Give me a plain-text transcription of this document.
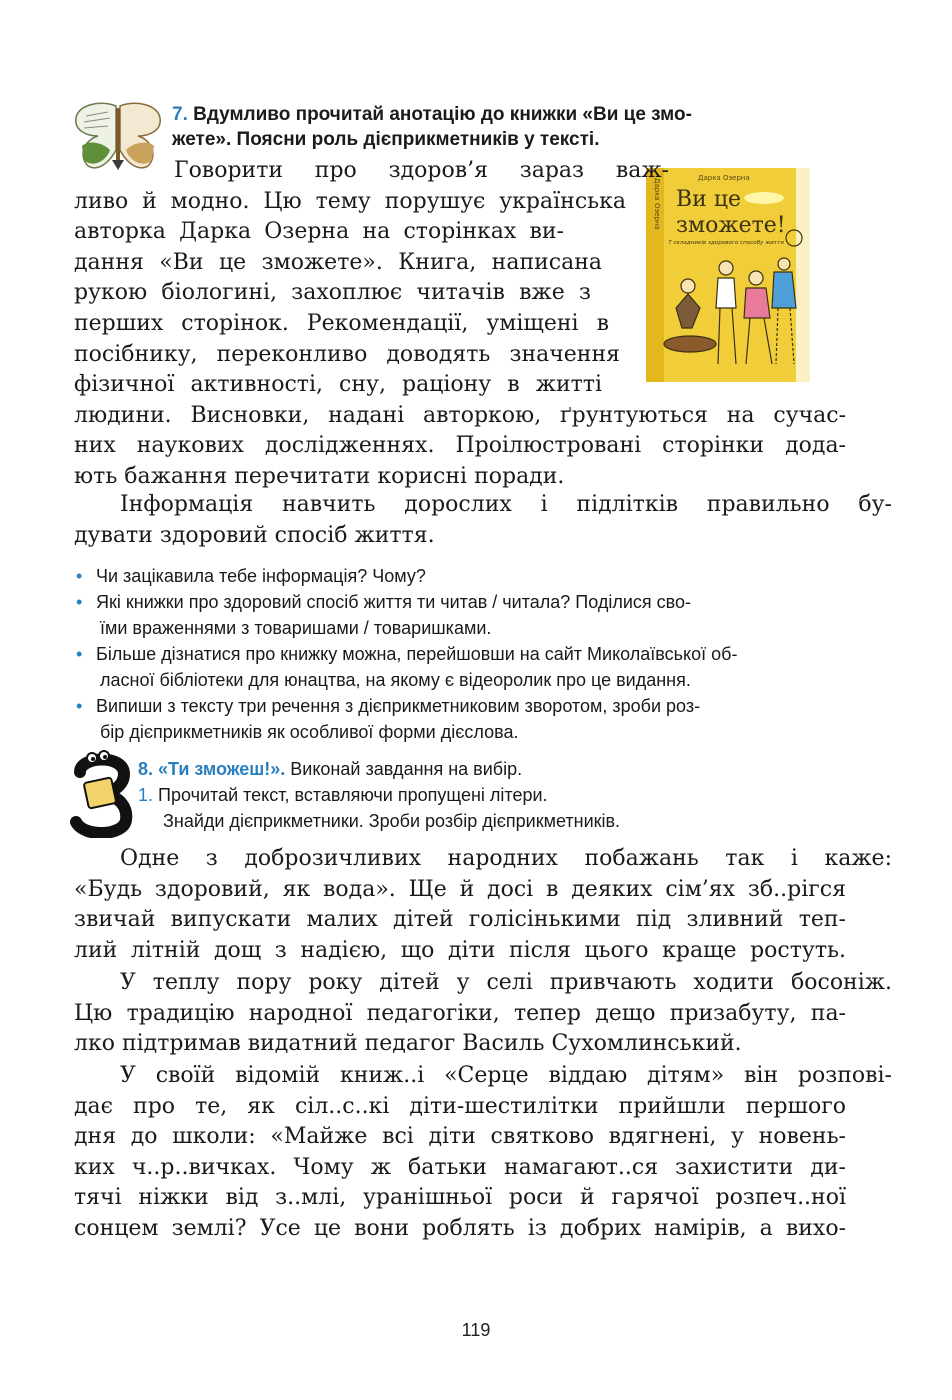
7. Вдумливо прочитай анотацію до книжки «Ви це змо-
жете». Поясни роль дієприкметників у тексті.
Дарка Озерна	Дарка Озерна
Ви це
зможете!
7 складників здорового способу життя
Говорити про здоров’я зараз важ-
ливо й модно. Цю тему порушує українська
авторка Дарка Озерна на сторінках ви-
дання «Ви це зможете». Книга, написана
рукою біологині, захоплює читачів вже з
перших сторінок. Рекомендації, уміщені в
посібнику, переконливо доводять значення
фізичної активності, сну, раціону в житті
людини. Висновки, надані авторкою, ґрунтуються на сучас-
них наукових дослідженнях. Проілюстровані сторінки дода-
ють бажання перечитати корисні поради.
Інформація навчить дорослих і підлітків правильно бу-
дувати здоровий спосіб життя.
• Чи зацікавила тебе інформація? Чому?
• Які книжки про здоровий спосіб життя ти читав / читала? Поділися сво-
їми враженнями з товаришами / товаришками.
• Більше дізнатися про книжку можна, перейшовши на сайт Миколаївської об-
ласної бібліотеки для юнацтва, на якому є відеоролик про це видання.
• Випиши з тексту три речення з дієприкметниковим зворотом, зроби роз-
бір дієприкметників як особливої форми дієслова.
8. «Ти зможеш!». Виконай завдання на вибір.
1. Прочитай текст, вставляючи пропущені літери.
Знайди дієприкметники. Зроби розбір дієприкметників.
Одне з доброзичливих народних побажань так і каже:
«Будь здоровий, як вода». Ще й досі в деяких сім’ях зб..рігся
звичай випускати малих дітей голісінькими під зливний теп-
лий літній дощ з надією, що діти після цього краще ростуть.
У теплу пору року дітей у селі привчають ходити босоніж.
Цю традицію народної педагогіки, тепер дещо призабуту, па-
лко підтримав видатний педагог Василь Сухомлинський.
У своїй відомій книж..і «Серце віддаю дітям» він розпові-
дає про те, як сіл..с..кі діти-шестилітки прийшли першого
дня до школи: «Майже всі діти святково вдягнені, у новень-
ких ч..р..вичках. Чому ж батьки намагают..ся захистити ди-
тячі ніжки від з..млі, уранішньої роси й гарячої розпеч..ної
сонцем землі? Усе це вони роблять із добрих намірів, а вихо-
119
